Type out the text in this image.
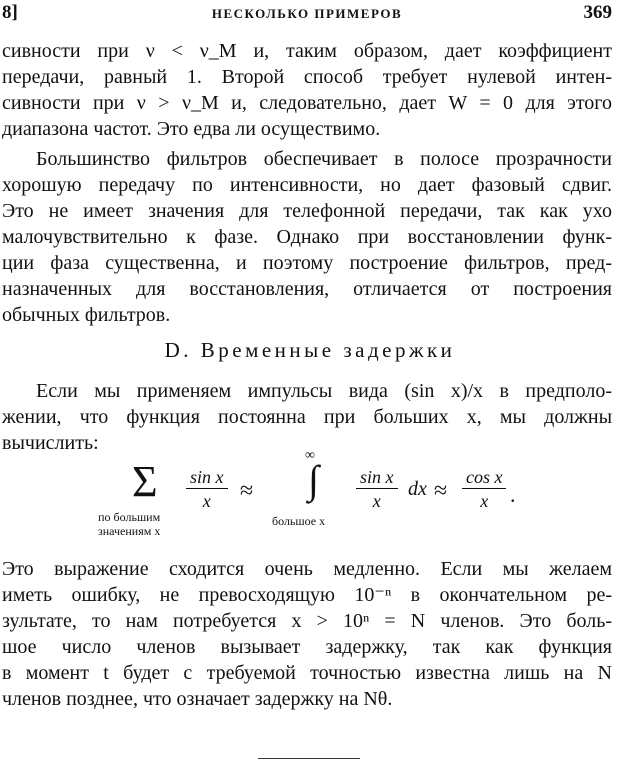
8]	НЕСКОЛЬКО ПРИМЕРОВ	369
сивности при ν < ν_M и, таким образом, дает коэффициент
передачи, равный 1. Второй способ требует нулевой интен-
сивности при ν > ν_M и, следовательно, дает W = 0 для этого
диапазона частот. Это едва ли осуществимо.
Большинство фильтров обеспечивает в полосе прозрачности
хорошую передачу по интенсивности, но дает фазовый сдвиг.
Это не имеет значения для телефонной передачи, так как ухо
малочувствительно к фазе. Однако при восстановлении функ-
ции фаза существенна, и поэтому построение фильтров, пред-
назначенных для восстановления, отличается от построения
обычных фильтров.
D. Временные задержки
Если мы применяем импульсы вида (sin x)/x в предполо-
жении, что функция постоянна при больших x, мы должны
вычислить:
Σ
по большим
значениям x
$\frac{\text{sin x}}{x}$ ≈
∞
∫
большое x
$\frac{\text{sin x}}{x}$ dx ≈ $\frac{\text{cos x}}{x}$ .
Это выражение сходится очень медленно. Если мы желаем
иметь ошибку, не превосходящую 10⁻ⁿ в окончательном ре-
зультате, то нам потребуется x > 10ⁿ = N членов. Это боль-
шое число членов вызывает задержку, так как функция
в момент t будет с требуемой точностью известна лишь на N
членов позднее, что означает задержку на Nθ.
